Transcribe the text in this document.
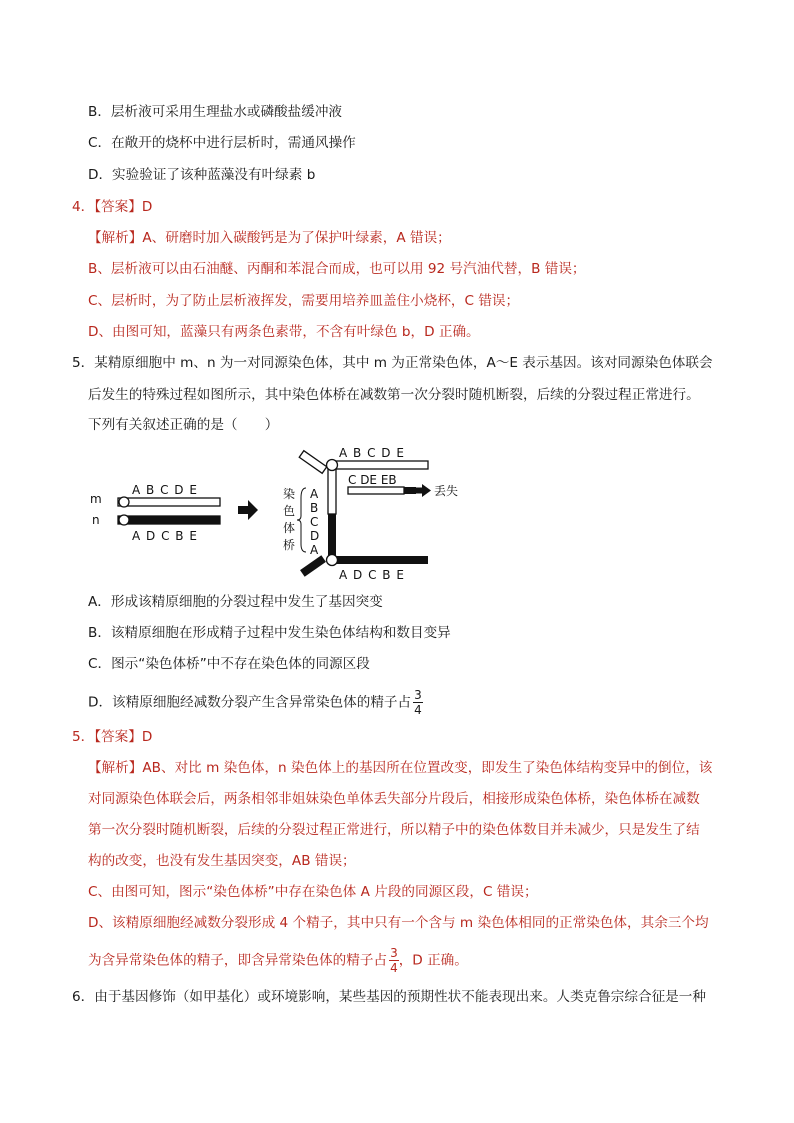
B．层析液可采用生理盐水或磷酸盐缓冲液
C．在敞开的烧杯中进行层析时，需通风操作
D．实验验证了该种蓝藻没有叶绿素 b
4．【答案】D
【解析】A、研磨时加入碳酸钙是为了保护叶绿素，A 错误；
B、层析液可以由石油醚、丙酮和苯混合而成，也可以用 92 号汽油代替，B 错误；
C、层析时，为了防止层析液挥发，需要用培养皿盖住小烧杯，C 错误；
D、由图可知，蓝藻只有两条色素带，不含有叶绿色 b，D 正确。
5．某精原细胞中 m、n 为一对同源染色体，其中 m 为正常染色体，A～E 表示基因。该对同源染色体联会
后发生的特殊过程如图所示，其中染色体桥在减数第一次分裂时随机断裂，后续的分裂过程正常进行。
下列有关叙述正确的是（　　）
m
n
A B C D E
A D C B E
A B C D E
C DE EB
丢失
A
B
C
D
A
染
色
体
桥
A D C B E
A．形成该精原细胞的分裂过程中发生了基因突变
B．该精原细胞在形成精子过程中发生染色体结构和数目变异
C．图示“染色体桥”中不存在染色体的同源区段
D．该精原细胞经减数分裂产生含异常染色体的精子占 $\frac{3}{4}$
5．【答案】D
【解析】AB、对比 m 染色体，n 染色体上的基因所在位置改变，即发生了染色体结构变异中的倒位，该
对同源染色体联会后，两条相邻非姐妹染色单体丢失部分片段后，相接形成染色体桥，染色体桥在减数
第一次分裂时随机断裂，后续的分裂过程正常进行，所以精子中的染色体数目并未减少，只是发生了结
构的改变，也没有发生基因突变，AB 错误；
C、由图可知，图示“染色体桥”中存在染色体 A 片段的同源区段，C 错误；
D、该精原细胞经减数分裂形成 4 个精子，其中只有一个含与 m 染色体相同的正常染色体，其余三个均
为含异常染色体的精子，即含异常染色体的精子占 $\frac{3}{4}$ ，D 正确。
6．由于基因修饰（如甲基化）或环境影响，某些基因的预期性状不能表现出来。人类克鲁宗综合征是一种
